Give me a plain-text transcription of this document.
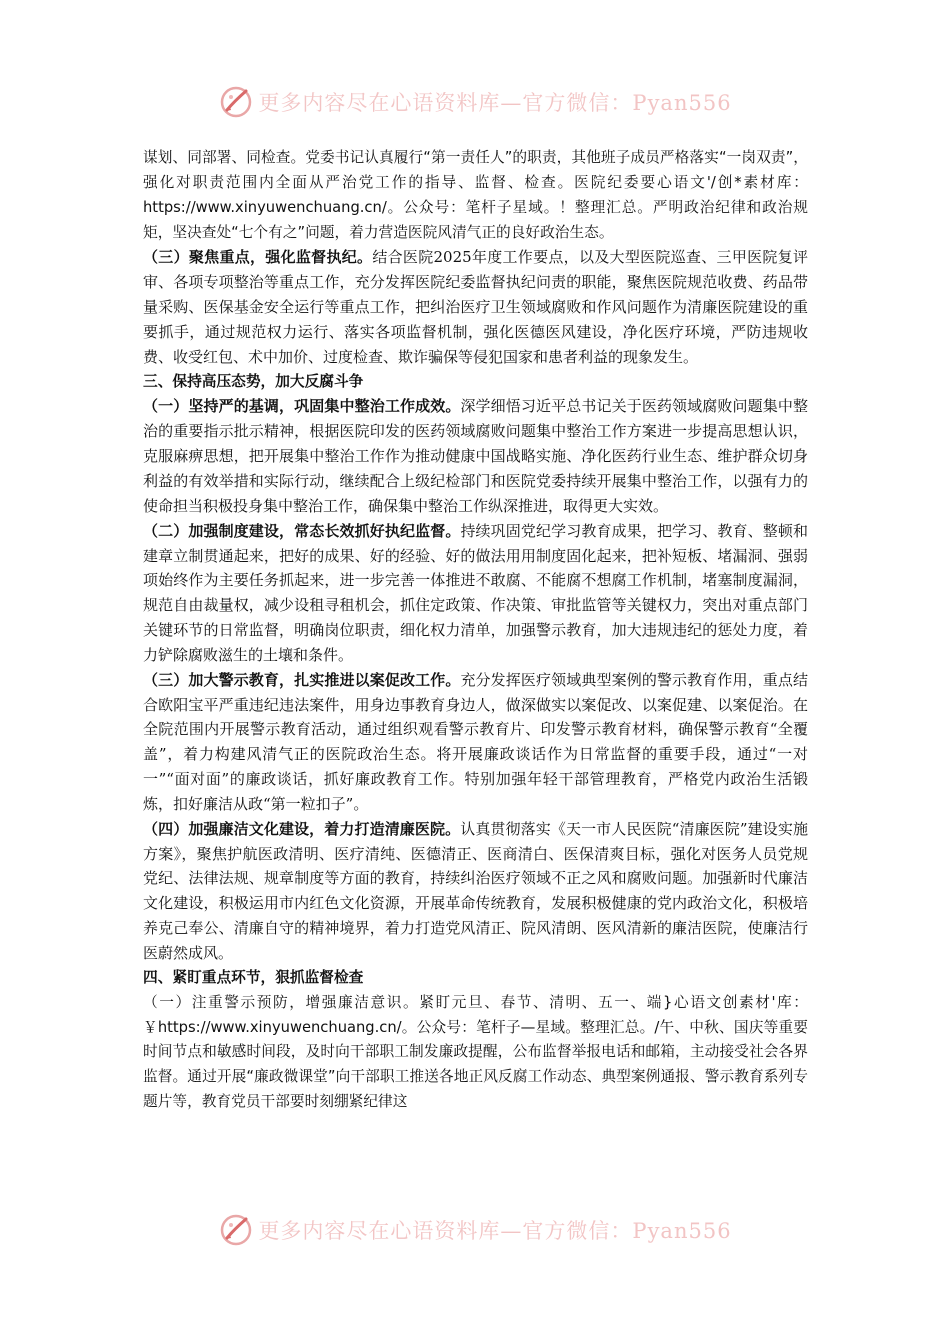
更多内容尽在心语资料库—官方微信：Pyan556

谋划、同部署、同检查。党委书记认真履行“第一责任人”的职责，其他班子成员严格落实“一岗双责”，强化对职责范围内全面从严治党工作的指导、监督、检查。医院纪委要心语文'/创*素材库：https://www.xinyuwenchuang.cn/。公众号：笔杆子星域。！整理汇总。严明政治纪律和政治规矩，坚决查处“七个有之”问题，着力营造医院风清气正的良好政治生态。

（三）聚焦重点，强化监督执纪。结合医院2025年度工作要点，以及大型医院巡查、三甲医院复评审、各项专项整治等重点工作，充分发挥医院纪委监督执纪问责的职能，聚焦医院规范收费、药品带量采购、医保基金安全运行等重点工作，把纠治医疗卫生领域腐败和作风问题作为清廉医院建设的重要抓手，通过规范权力运行、落实各项监督机制，强化医德医风建设，净化医疗环境，严防违规收费、收受红包、术中加价、过度检查、欺诈骗保等侵犯国家和患者利益的现象发生。

三、保持高压态势，加大反腐斗争

（一）坚持严的基调，巩固集中整治工作成效。深学细悟习近平总书记关于医药领域腐败问题集中整治的重要指示批示精神，根据医院印发的医药领域腐败问题集中整治工作方案进一步提高思想认识，克服麻痹思想，把开展集中整治工作作为推动健康中国战略实施、净化医药行业生态、维护群众切身利益的有效举措和实际行动，继续配合上级纪检部门和医院党委持续开展集中整治工作，以强有力的使命担当积极投身集中整治工作，确保集中整治工作纵深推进，取得更大实效。

（二）加强制度建设，常态长效抓好执纪监督。持续巩固党纪学习教育成果，把学习、教育、整顿和建章立制贯通起来，把好的成果、好的经验、好的做法用用制度固化起来，把补短板、堵漏洞、强弱项始终作为主要任务抓起来，进一步完善一体推进不敢腐、不能腐不想腐工作机制，堵塞制度漏洞，规范自由裁量权，减少设租寻租机会，抓住定政策、作决策、审批监管等关键权力，突出对重点部门关键环节的日常监督，明确岗位职责，细化权力清单，加强警示教育，加大违规违纪的惩处力度，着力铲除腐败滋生的土壤和条件。

（三）加大警示教育，扎实推进以案促改工作。充分发挥医疗领域典型案例的警示教育作用，重点结合欧阳宝平严重违纪违法案件，用身边事教育身边人，做深做实以案促改、以案促建、以案促治。在全院范围内开展警示教育活动，通过组织观看警示教育片、印发警示教育材料，确保警示教育“全覆盖”，着力构建风清气正的医院政治生态。将开展廉政谈话作为日常监督的重要手段，通过“一对一”“面对面”的廉政谈话，抓好廉政教育工作。特别加强年轻干部管理教育，严格党内政治生活锻炼，扣好廉洁从政“第一粒扣子”。

（四）加强廉洁文化建设，着力打造清廉医院。认真贯彻落实《天一市人民医院“清廉医院”建设实施方案》，聚焦护航医政清明、医疗清纯、医德清正、医商清白、医保清爽目标，强化对医务人员党规党纪、法律法规、规章制度等方面的教育，持续纠治医疗领域不正之风和腐败问题。加强新时代廉洁文化建设，积极运用市内红色文化资源，开展革命传统教育，发展积极健康的党内政治文化，积极培养克己奉公、清廉自守的精神境界，着力打造党风清正、院风清朗、医风清新的廉洁医院，使廉洁行医蔚然成风。

四、紧盯重点环节，狠抓监督检查

（一）注重警示预防，增强廉洁意识。紧盯元旦、春节、清明、五一、端}心语文创素材'库：￥https://www.xinyuwenchuang.cn/。公众号：笔杆子—星域。整理汇总。/午、中秋、国庆等重要时间节点和敏感时间段，及时向干部职工制发廉政提醒，公布监督举报电话和邮箱，主动接受社会各界监督。通过开展“廉政微课堂”向干部职工推送各地正风反腐工作动态、典型案例通报、警示教育系列专题片等，教育党员干部要时刻绷紧纪律这

更多内容尽在心语资料库—官方微信：Pyan556
